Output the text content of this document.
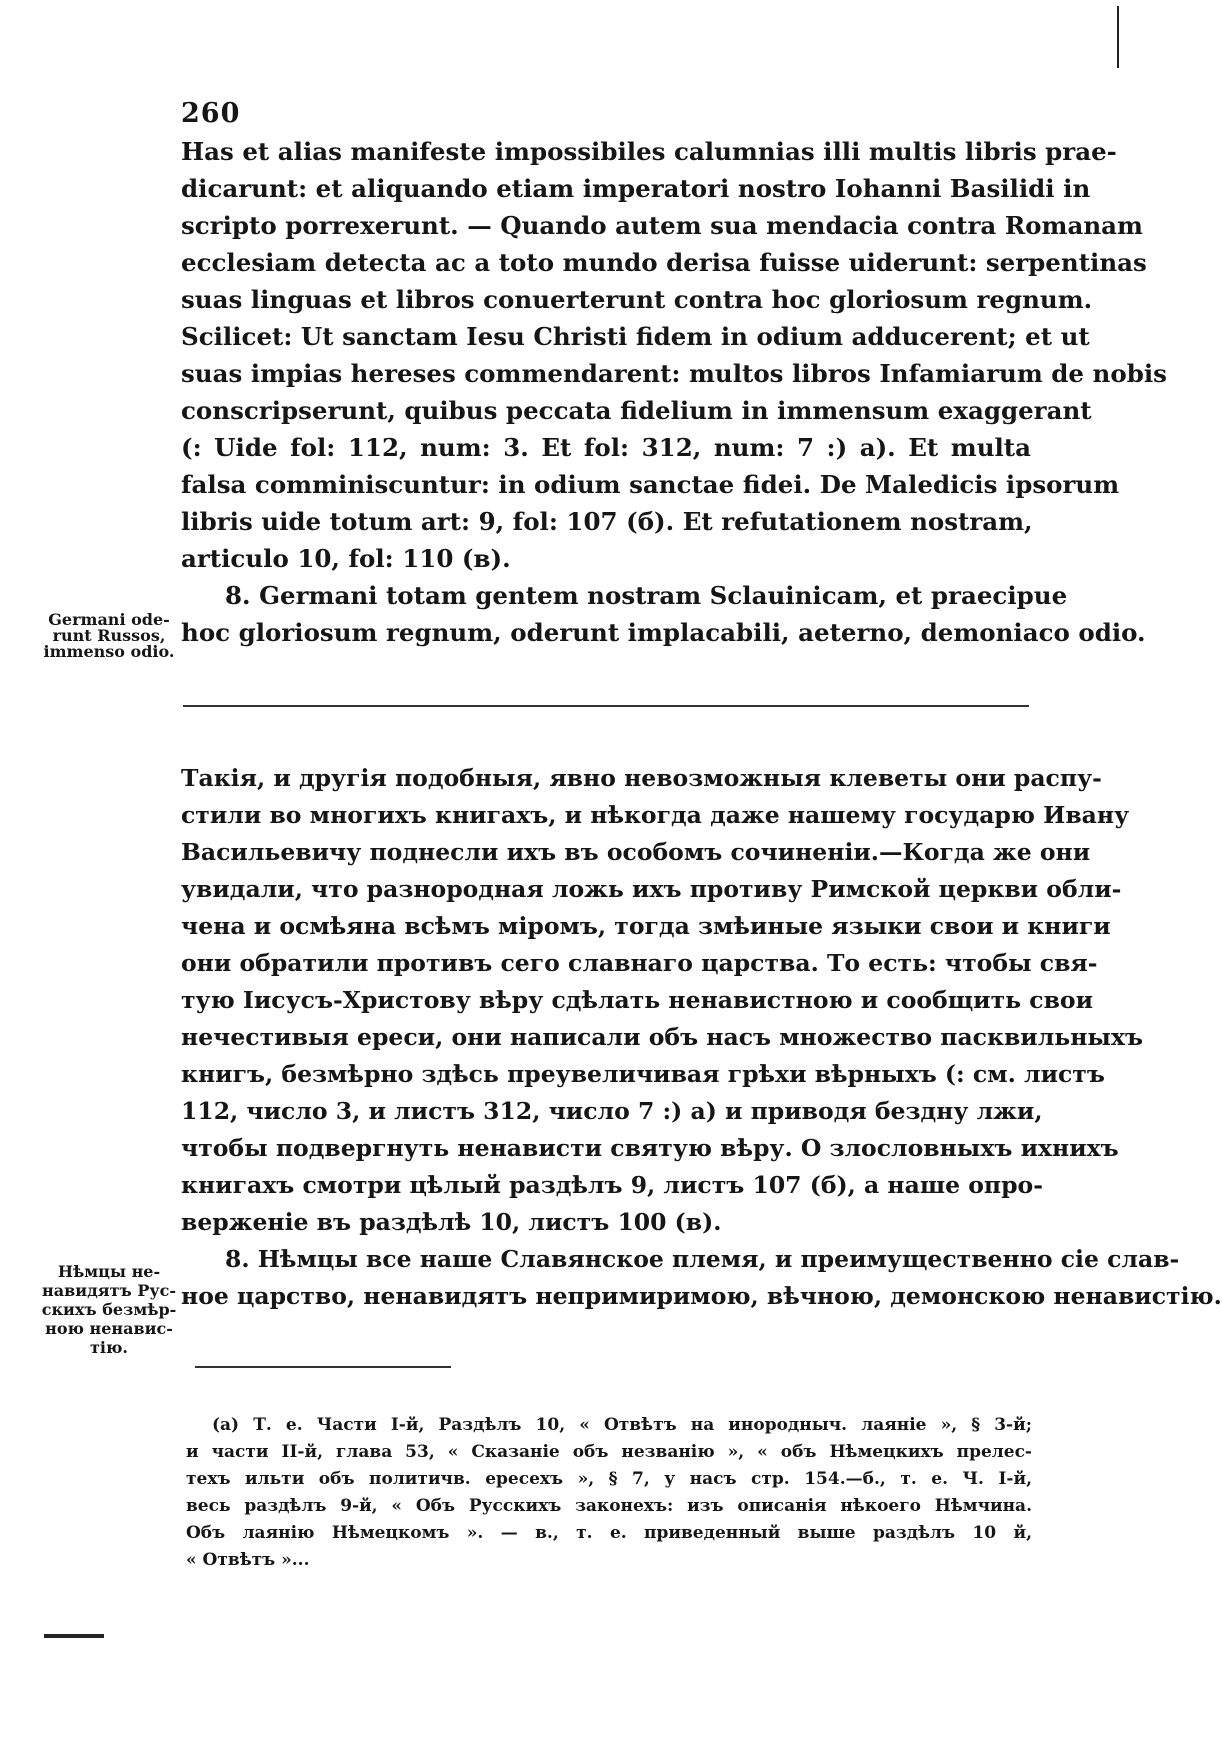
260
Has et alias manifeste impossibiles calumnias illi multis libris prae-
dicarunt: et aliquando etiam imperatori nostro Iohanni Basilidi in
scripto porrexerunt. — Quando autem sua mendacia contra Romanam
ecclesiam detecta ac a toto mundo derisa fuisse uiderunt: serpentinas
suas linguas et libros conuerterunt contra hoc gloriosum regnum.
Scilicet: Ut sanctam Iesu Christi fidem in odium adducerent; et ut
suas impias hereses commendarent: multos libros Infamiarum de nobis
conscripserunt, quibus peccata fidelium in immensum exaggerant
(: Uide fol: 112, num: 3. Et fol: 312, num: 7 :) a). Et multa
falsa comminiscuntur: in odium sanctae fidei. De Maledicis ipsorum
libris uide totum art: 9, fol: 107 (б). Et refutationem nostram,
articulo 10, fol: 110 (в).
8. Germani totam gentem nostram Sclauinicam, et praecipue
hoc gloriosum regnum, oderunt implacabili, aeterno, demoniaco odio.
Germani ode-
runt Russos,
immenso odio.
Такія, и другія подобныя, явно невозможныя клеветы они распу-
стили во многихъ книгахъ, и нѣкогда даже нашему государю Ивану
Васильевичу поднесли ихъ въ особомъ сочиненіи.—Когда же они
увидали, что разнородная ложь ихъ противу Римской церкви обли-
чена и осмѣяна всѣмъ міромъ, тогда змѣиные языки свои и книги
они обратили противъ сего славнаго царства. То есть: чтобы свя-
тую Іисусъ-Христову вѣру сдѣлать ненавистною и сообщить свои
нечестивыя ереси, они написали объ насъ множество пасквильныхъ
книгъ, безмѣрно здѣсь преувеличивая грѣхи вѣрныхъ (: см. листъ
112, число 3, и листъ 312, число 7 :) а) и приводя бездну лжи,
чтобы подвергнуть ненависти святую вѣру. О злословныхъ ихнихъ
книгахъ смотри цѣлый раздѣлъ 9, листъ 107 (б), а наше опро-
верженіе въ раздѣлѣ 10, листъ 100 (в).
8. Нѣмцы все наше Славянское племя, и преимущественно сіе слав-
ное царство, ненавидятъ непримиримою, вѣчною, демонскою ненавистію.
Нѣмцы не-
навидятъ Рус-
скихъ безмѣр-
ною ненавис-
тію.
(а) Т. е. Части І-й, Раздѣлъ 10, « Отвѣтъ на инородныч. лаяніе », § 3-й;
и части II-й, глава 53, « Сказаніе объ незванію », « объ Нѣмецкихъ прелес-
техъ ильти объ политичв. ересехъ », § 7, у насъ стр. 154.—б., т. е. Ч. І-й,
весь раздѣлъ 9-й, « Объ Русскихъ законехъ: изъ описанія нѣкоего Нѣмчина.
Объ лаянію Нѣмецкомъ ». — в., т. е. приведенный выше раздѣлъ 10 й,
« Отвѣтъ »...
